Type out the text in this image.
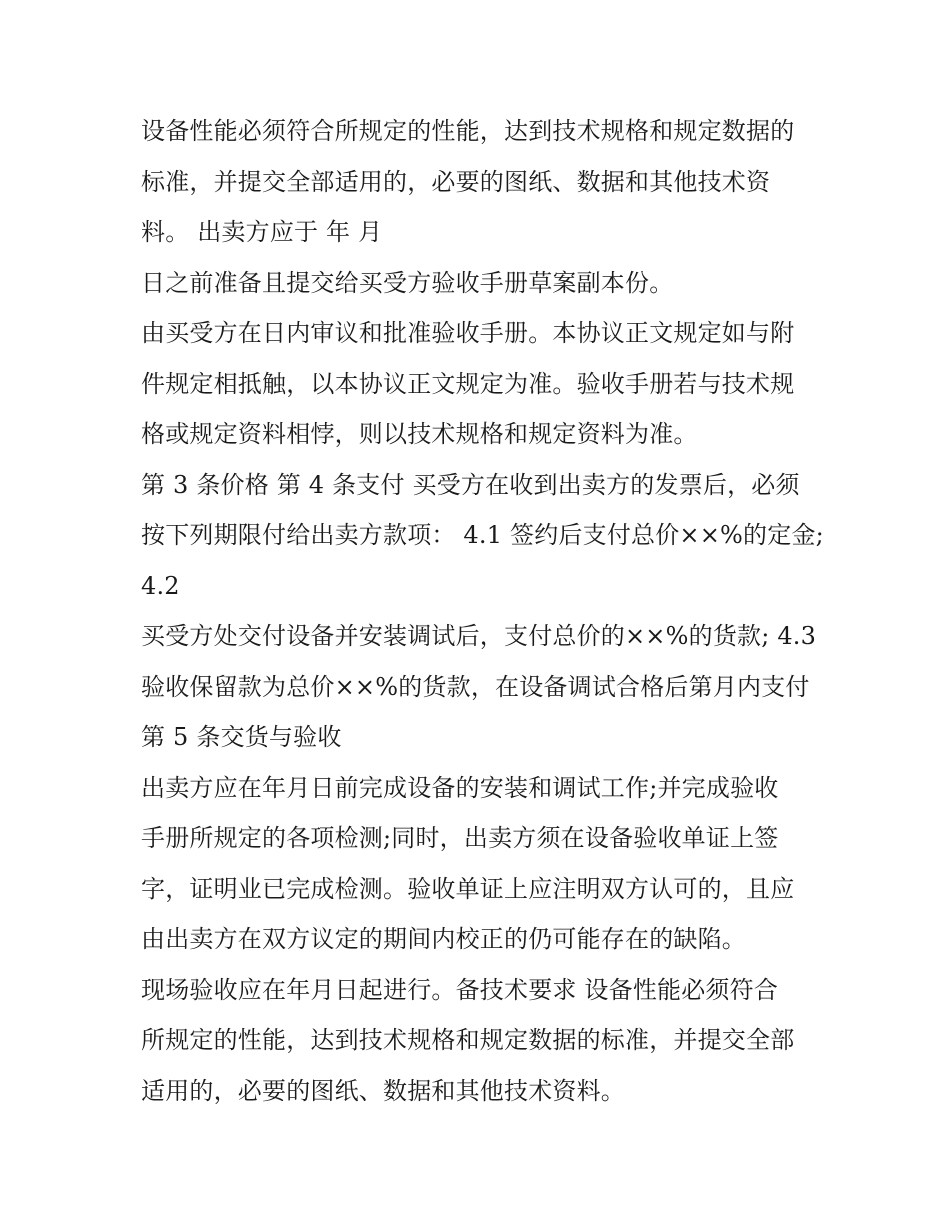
设备性能必须符合所规定的性能，达到技术规格和规定数据的
标准，并提交全部适用的，必要的图纸、数据和其他技术资
料。 出卖方应于 年 月
日之前准备且提交给买受方验收手册草案副本份。
由买受方在日内审议和批准验收手册。本协议正文规定如与附
件规定相抵触，以本协议正文规定为准。验收手册若与技术规
格或规定资料相悖，则以技术规格和规定资料为准。
第 3 条价格 第 4 条支付 买受方在收到出卖方的发票后，必须
按下列期限付给出卖方款项： 4.1 签约后支付总价××%的定金;
4.2
买受方处交付设备并安装调试后，支付总价的××%的货款; 4.3
验收保留款为总价××%的货款，在设备调试合格后第月内支付
第 5 条交货与验收
出卖方应在年月日前完成设备的安装和调试工作;并完成验收
手册所规定的各项检测;同时，出卖方须在设备验收单证上签
字，证明业已完成检测。验收单证上应注明双方认可的，且应
由出卖方在双方议定的期间内校正的仍可能存在的缺陷。
现场验收应在年月日起进行。备技术要求 设备性能必须符合
所规定的性能，达到技术规格和规定数据的标准，并提交全部
适用的，必要的图纸、数据和其他技术资料。
